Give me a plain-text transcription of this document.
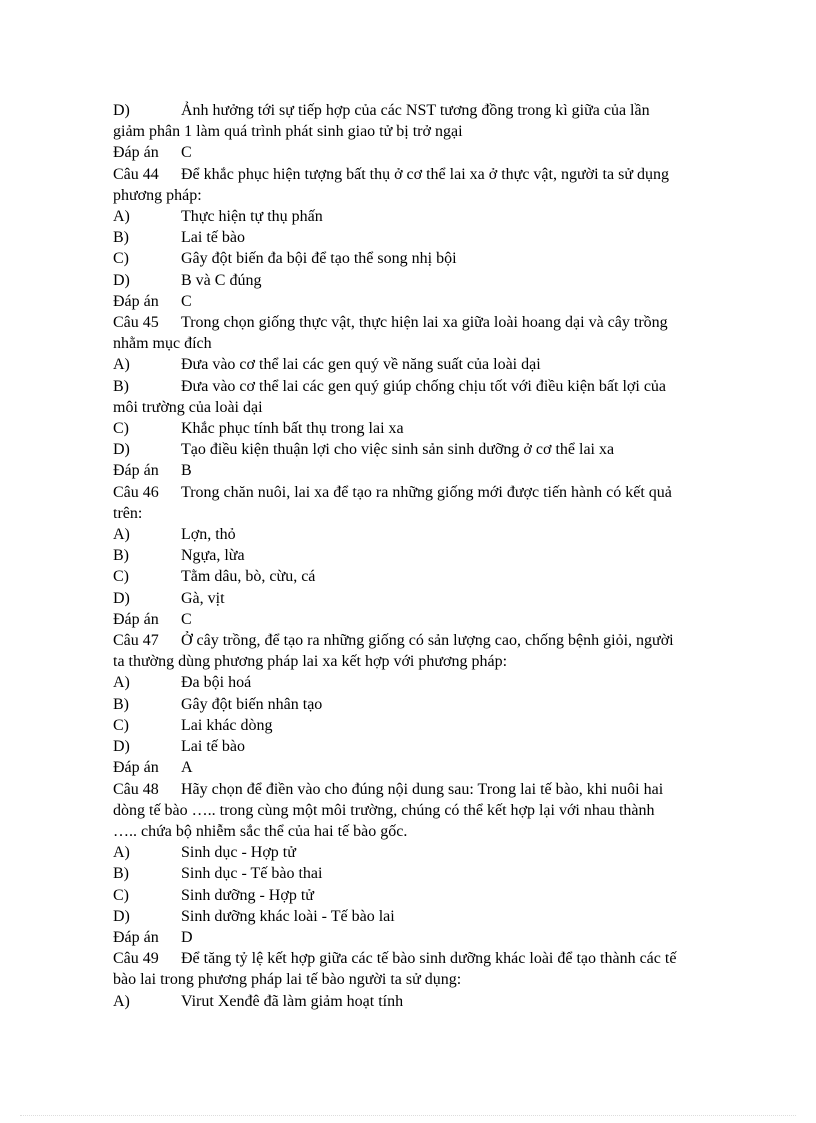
D)	Ảnh hưởng tới sự tiếp hợp của các NST tương đồng trong kì giữa của lần
giảm phân 1 làm quá trình phát sinh giao tử bị trở ngại
Đáp án	C
Câu 44	Để khắc phục hiện tượng bất thụ ở cơ thể lai xa ở thực vật, người ta sử dụng
phương pháp:
A)	Thực hiện tự thụ phấn
B)	Lai tế bào
C)	Gây đột biến đa bội để tạo thể song nhị bội
D)	B và C đúng
Đáp án	C
Câu 45	Trong chọn giống thực vật, thực hiện lai xa giữa loài hoang dại và cây trồng
nhằm mục đích
A)	Đưa vào cơ thể lai các gen quý về năng suất của loài dại
B)	Đưa vào cơ thể lai các gen quý giúp chống chịu tốt với điều kiện bất lợi của
môi trường của loài dại
C)	Khắc phục tính bất thụ trong lai xa
D)	Tạo điều kiện thuận lợi cho việc sinh sản sinh dưỡng ở cơ thể lai xa
Đáp án	B
Câu 46	Trong chăn nuôi, lai xa để tạo ra những giống mới được tiến hành có kết quả
trên:
A)	Lợn, thỏ
B)	Ngựa, lừa
C)	Tằm dâu, bò, cừu, cá
D)	Gà, vịt
Đáp án	C
Câu 47	Ở cây trồng, để tạo ra những giống có sản lượng cao, chống bệnh giỏi, người
ta thường dùng phương pháp lai xa kết hợp với phương pháp:
A)	Đa bội hoá
B)	Gây đột biến nhân tạo
C)	Lai khác dòng
D)	Lai tế bào
Đáp án	A
Câu 48	Hãy chọn để điền vào cho đúng nội dung sau: Trong lai tế bào, khi nuôi hai
dòng tế bào ….. trong cùng một môi trường, chúng có thể kết hợp lại với nhau thành
….. chứa bộ nhiễm sắc thể của hai tế bào gốc.
A)	Sinh dục - Hợp tử
B)	Sinh dục - Tế bào thai
C)	Sinh dưỡng - Hợp tử
D)	Sinh dưỡng khác loài - Tế bào lai
Đáp án	D
Câu 49	Để tăng tỷ lệ kết hợp giữa các tế bào sinh dưỡng khác loài để tạo thành các tế
bào lai trong phương pháp lai tế bào người ta sử dụng:
A)	Virut Xenđê đã làm giảm hoạt tính
